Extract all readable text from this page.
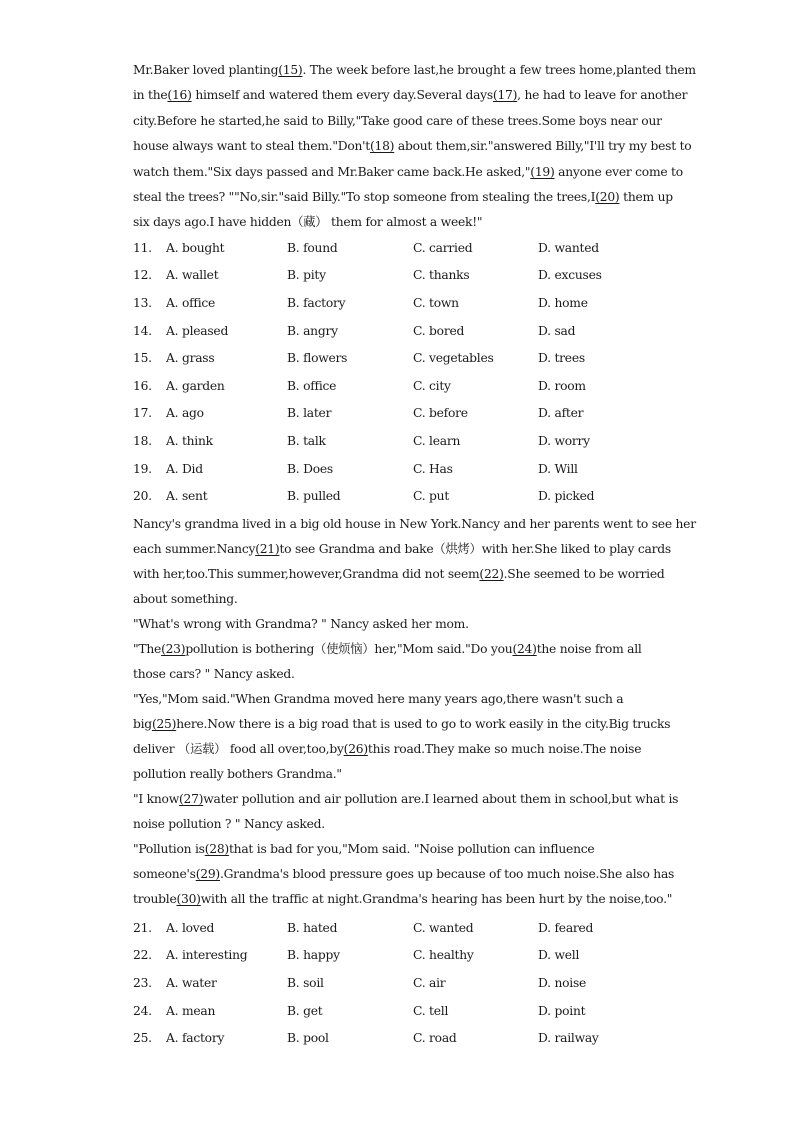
Mr.Baker loved planting(15). The week before last,he brought a few trees home,planted them

in the(16) himself and watered them every day.Several days(17), he had to leave for another

city.Before he started,he said to Billy,"Take good care of these trees.Some boys near our

house always want to steal them."Don't(18) about them,sir."answered Billy,"I'll try my best to

watch them."Six days passed and Mr.Baker came back.He asked,"(19) anyone ever come to

steal the trees? ""No,sir."said Billy."To stop someone from stealing the trees,I(20) them up

six days ago.I have hidden（藏） them for almost a week!"

11. A. bought	B. found	C. carried	D. wanted
12. A. wallet	B. pity	C. thanks	D. excuses
13. A. office	B. factory	C. town	D. home
14. A. pleased	B. angry	C. bored	D. sad
15. A. grass	B. flowers	C. vegetables	D. trees
16. A. garden	B. office	C. city	D. room
17. A. ago	B. later	C. before	D. after
18. A. think	B. talk	C. learn	D. worry
19. A. Did	B. Does	C. Has	D. Will
20. A. sent	B. pulled	C. put	D. picked

Nancy's grandma lived in a big old house in New York.Nancy and her parents went to see her

each summer.Nancy(21)to see Grandma and bake（烘烤）with her.She liked to play cards

with her,too.This summer,however,Grandma did not seem(22).She seemed to be worried

about something.

"What's wrong with Grandma? " Nancy asked her mom.

"The(23)pollution is bothering（使烦恼）her,"Mom said."Do you(24)the noise from all

those cars? " Nancy asked.

"Yes,"Mom said."When Grandma moved here many years ago,there wasn't such a

big(25)here.Now there is a big road that is used to go to work easily in the city.Big trucks

deliver （运载） food all over,too,by(26)this road.They make so much noise.The noise

pollution really bothers Grandma."

"I know(27)water pollution and air pollution are.I learned about them in school,but what is

noise pollution ? " Nancy asked.

"Pollution is(28)that is bad for you,"Mom said. "Noise pollution can influence

someone's(29).Grandma's blood pressure goes up because of too much noise.She also has

trouble(30)with all the traffic at night.Grandma's hearing has been hurt by the noise,too."

21. A. loved	B. hated	C. wanted	D. feared
22. A. interesting	B. happy	C. healthy	D. well
23. A. water	B. soil	C. air	D. noise
24. A. mean	B. get	C. tell	D. point
25. A. factory	B. pool	C. road	D. railway
